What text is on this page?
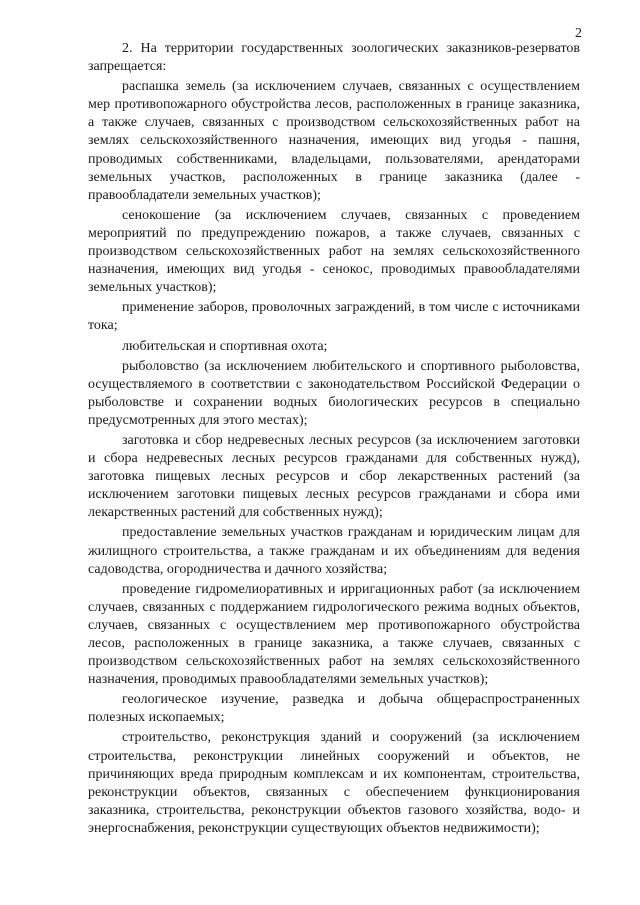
2

2. На территории государственных зоологических заказников-резерватов запрещается:

распашка земель (за исключением случаев, связанных с осуществлением мер противопожарного обустройства лесов, расположенных в границе заказника, а также случаев, связанных с производством сельскохозяйственных работ на землях сельскохозяйственного назначения, имеющих вид угодья - пашня, проводимых собственниками, владельцами, пользователями, арендаторами земельных участков, расположенных в границе заказника (далее - правообладатели земельных участков);

сенокошение (за исключением случаев, связанных с проведением мероприятий по предупреждению пожаров, а также случаев, связанных с производством сельскохозяйственных работ на землях сельскохозяйственного назначения, имеющих вид угодья - сенокос, проводимых правообладателями земельных участков);

применение заборов, проволочных заграждений, в том числе с источниками тока;

любительская и спортивная охота;

рыболовство (за исключением любительского и спортивного рыболовства, осуществляемого в соответствии с законодательством Российской Федерации о рыболовстве и сохранении водных биологических ресурсов в специально предусмотренных для этого местах);

заготовка и сбор недревесных лесных ресурсов (за исключением заготовки и сбора недревесных лесных ресурсов гражданами для собственных нужд), заготовка пищевых лесных ресурсов и сбор лекарственных растений (за исключением заготовки пищевых лесных ресурсов гражданами и сбора ими лекарственных растений для собственных нужд);

предоставление земельных участков гражданам и юридическим лицам для жилищного строительства, а также гражданам и их объединениям для ведения садоводства, огородничества и дачного хозяйства;

проведение гидромелиоративных и ирригационных работ (за исключением случаев, связанных с поддержанием гидрологического режима водных объектов, случаев, связанных с осуществлением мер противопожарного обустройства лесов, расположенных в границе заказника, а также случаев, связанных с производством сельскохозяйственных работ на землях сельскохозяйственного назначения, проводимых правообладателями земельных участков);

геологическое изучение, разведка и добыча общераспространенных полезных ископаемых;

строительство, реконструкция зданий и сооружений (за исключением строительства, реконструкции линейных сооружений и объектов, не причиняющих вреда природным комплексам и их компонентам, строительства, реконструкции объектов, связанных с обеспечением функционирования заказника, строительства, реконструкции объектов газового хозяйства, водо- и энергоснабжения, реконструкции существующих объектов недвижимости);
